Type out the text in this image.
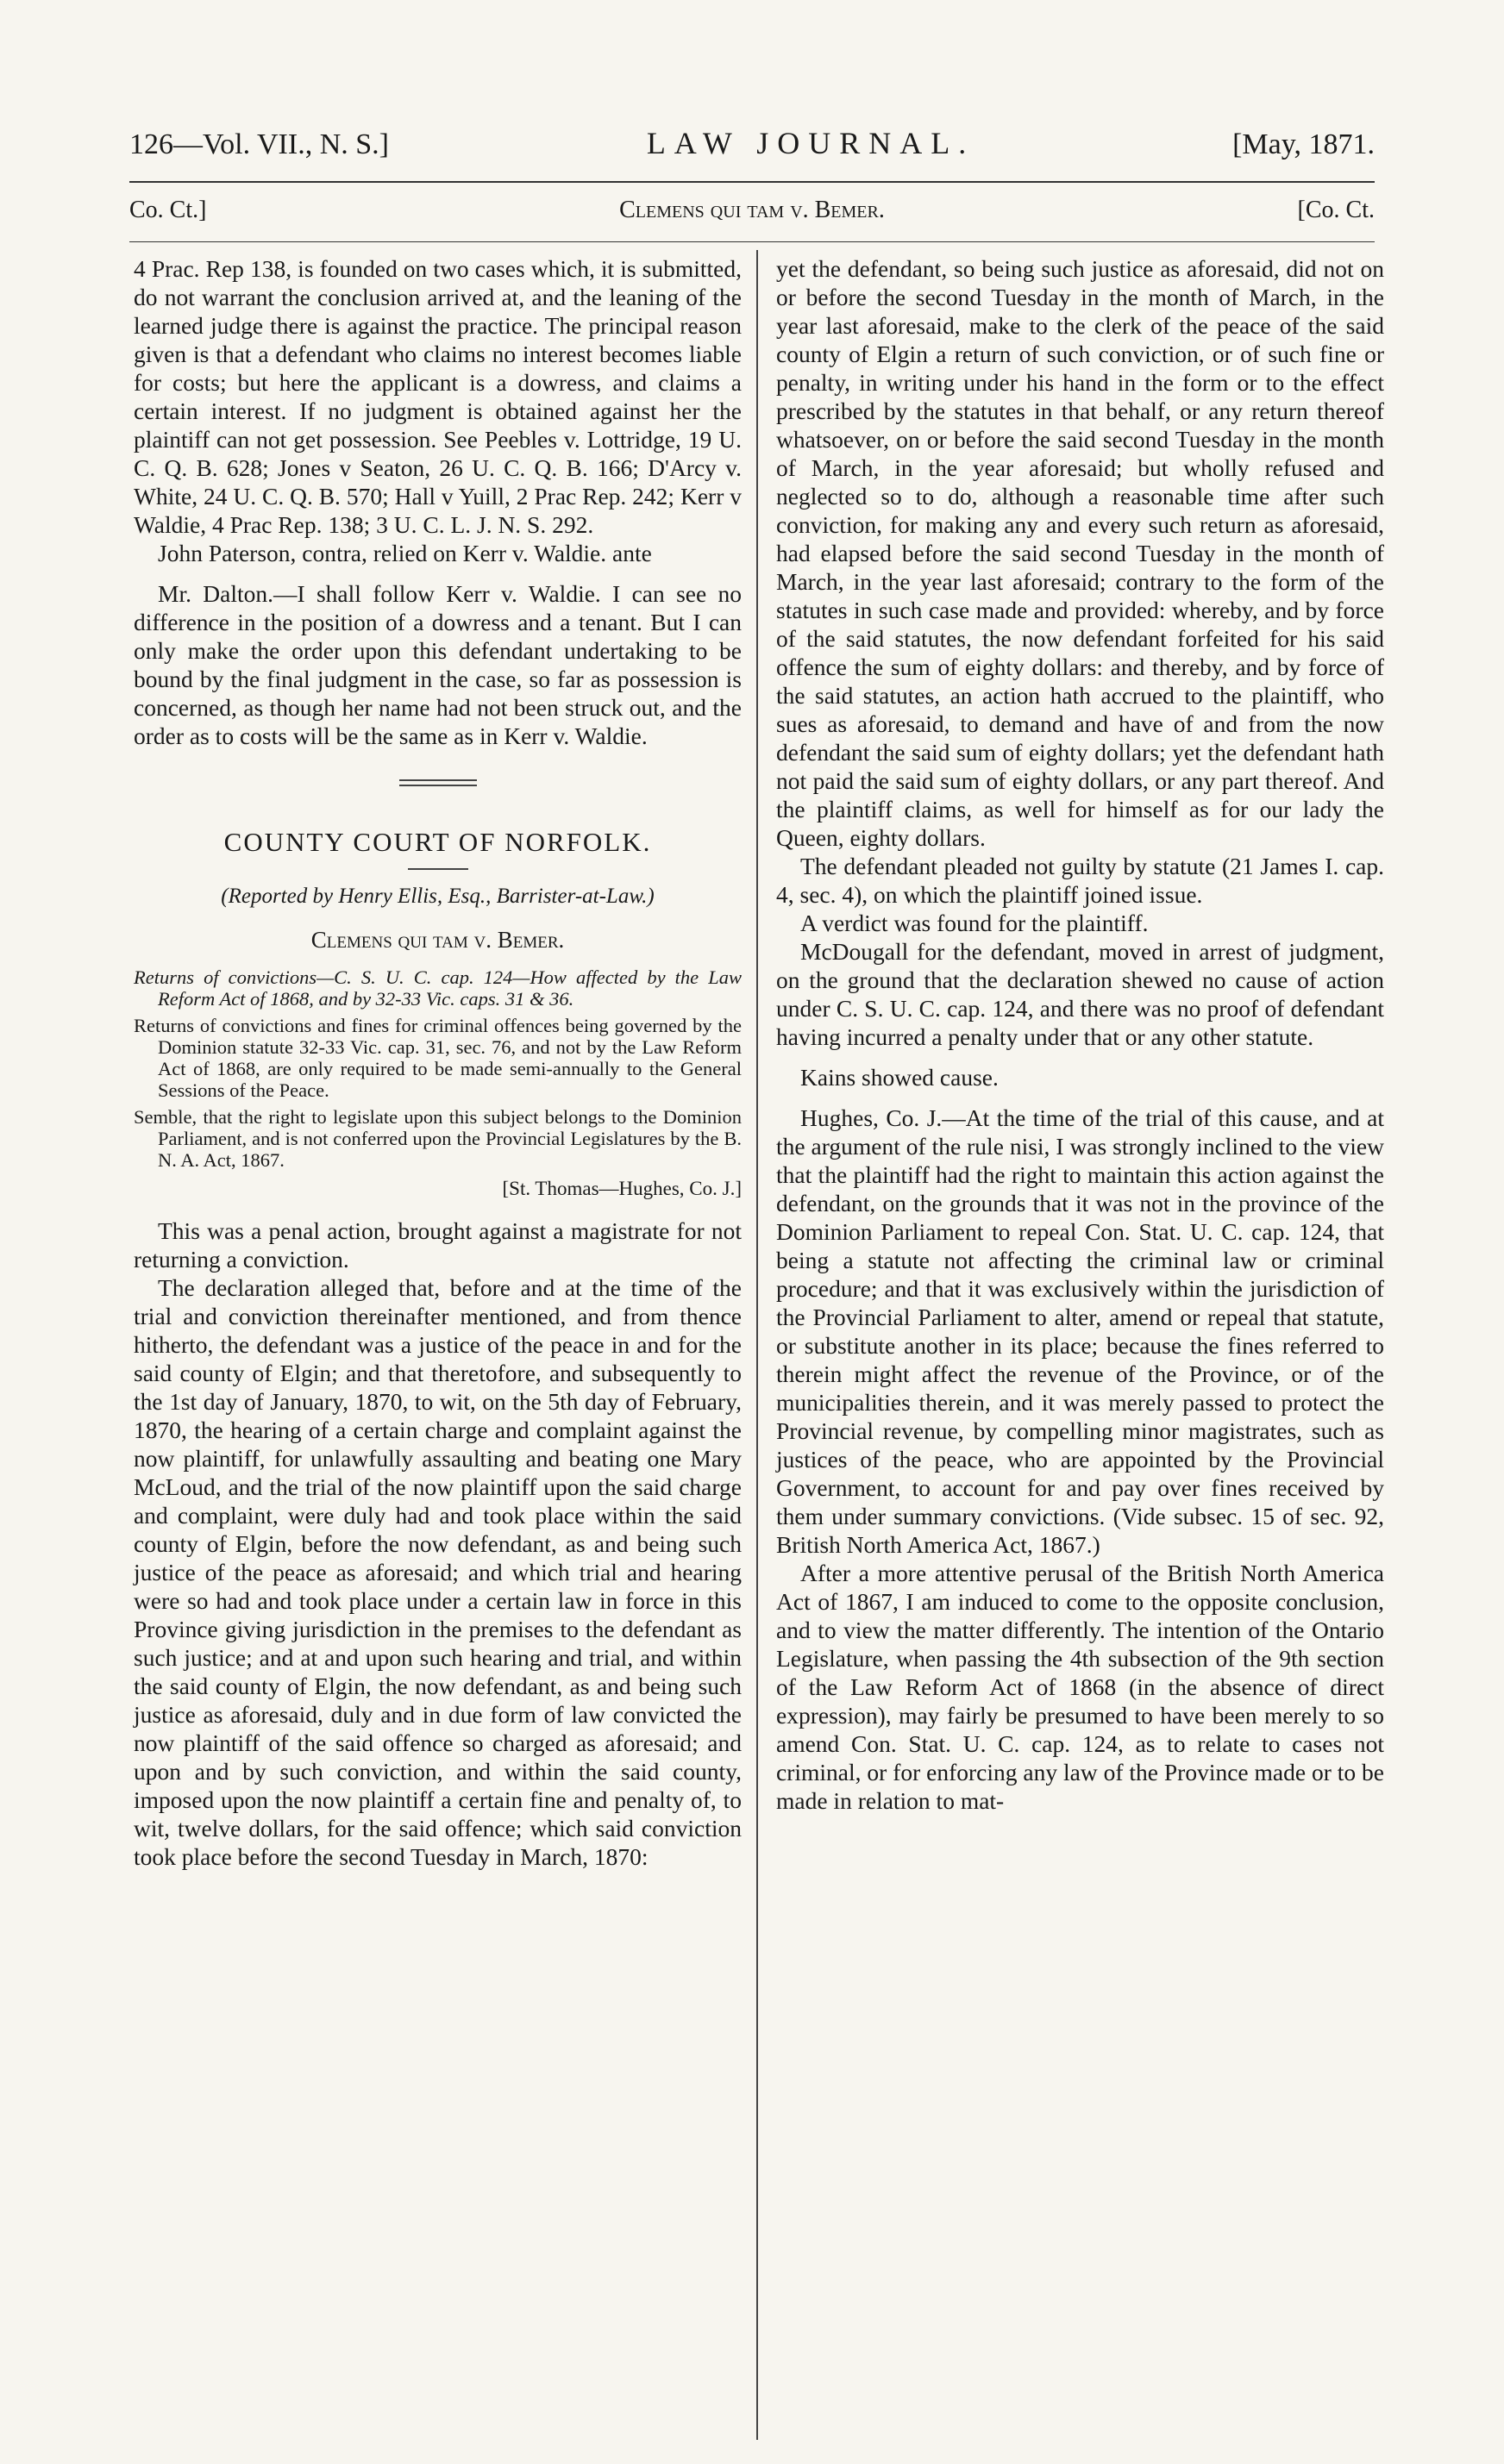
126—Vol. VII., N. S.]	LAW JOURNAL.	[May, 1871.
Co. Ct.]	Clemens qui tam v. Bemer.	[Co. Ct.

4 Prac. Rep 138, is founded on two cases which, it is submitted, do not warrant the conclusion arrived at, and the leaning of the learned judge there is against the practice. The principal reason given is that a defendant who claims no interest becomes liable for costs; but here the applicant is a dowress, and claims a certain interest. If no judgment is obtained against her the plaintiff can not get possession. See Peebles v. Lottridge, 19 U. C. Q. B. 628; Jones v Seaton, 26 U. C. Q. B. 166; D'Arcy v. White, 24 U. C. Q. B. 570; Hall v Yuill, 2 Prac Rep. 242; Kerr v Waldie, 4 Prac Rep. 138; 3 U. C. L. J. N. S. 292.

John Paterson, contra, relied on Kerr v. Waldie. ante

Mr. Dalton.—I shall follow Kerr v. Waldie. I can see no difference in the position of a dowress and a tenant. But I can only make the order upon this defendant undertaking to be bound by the final judgment in the case, so far as possession is concerned, as though her name had not been struck out, and the order as to costs will be the same as in Kerr v. Waldie.

COUNTY COURT OF NORFOLK.
(Reported by Henry Ellis, Esq., Barrister-at-Law.)
Clemens qui tam v. Bemer.

Returns of convictions—C. S. U. C. cap. 124—How affected by the Law Reform Act of 1868, and by 32-33 Vic. caps. 31 & 36.

Returns of convictions and fines for criminal offences being governed by the Dominion statute 32-33 Vic. cap. 31, sec. 76, and not by the Law Reform Act of 1868, are only required to be made semi-annually to the General Sessions of the Peace.

Semble, that the right to legislate upon this subject belongs to the Dominion Parliament, and is not conferred upon the Provincial Legislatures by the B. N. A. Act, 1867.

[St. Thomas—Hughes, Co. J.]

This was a penal action, brought against a magistrate for not returning a conviction.

The declaration alleged that, before and at the time of the trial and conviction thereinafter mentioned, and from thence hitherto, the defendant was a justice of the peace in and for the said county of Elgin; and that theretofore, and subsequently to the 1st day of January, 1870, to wit, on the 5th day of February, 1870, the hearing of a certain charge and complaint against the now plaintiff, for unlawfully assaulting and beating one Mary McLoud, and the trial of the now plaintiff upon the said charge and complaint, were duly had and took place within the said county of Elgin, before the now defendant, as and being such justice of the peace as aforesaid; and which trial and hearing were so had and took place under a certain law in force in this Province giving jurisdiction in the premises to the defendant as such justice; and at and upon such hearing and trial, and within the said county of Elgin, the now defendant, as and being such justice as aforesaid, duly and in due form of law convicted the now plaintiff of the said offence so charged as aforesaid; and upon and by such conviction, and within the said county, imposed upon the now plaintiff a certain fine and penalty of, to wit, twelve dollars, for the said offence; which said conviction took place before the second Tuesday in March, 1870:

yet the defendant, so being such justice as aforesaid, did not on or before the second Tuesday in the month of March, in the year last aforesaid, make to the clerk of the peace of the said county of Elgin a return of such conviction, or of such fine or penalty, in writing under his hand in the form or to the effect prescribed by the statutes in that behalf, or any return thereof whatsoever, on or before the said second Tuesday in the month of March, in the year aforesaid; but wholly refused and neglected so to do, although a reasonable time after such conviction, for making any and every such return as aforesaid, had elapsed before the said second Tuesday in the month of March, in the year last aforesaid; contrary to the form of the statutes in such case made and provided: whereby, and by force of the said statutes, the now defendant forfeited for his said offence the sum of eighty dollars: and thereby, and by force of the said statutes, an action hath accrued to the plaintiff, who sues as aforesaid, to demand and have of and from the now defendant the said sum of eighty dollars; yet the defendant hath not paid the said sum of eighty dollars, or any part thereof. And the plaintiff claims, as well for himself as for our lady the Queen, eighty dollars.

The defendant pleaded not guilty by statute (21 James I. cap. 4, sec. 4), on which the plaintiff joined issue.

A verdict was found for the plaintiff.

McDougall for the defendant, moved in arrest of judgment, on the ground that the declaration shewed no cause of action under C. S. U. C. cap. 124, and there was no proof of defendant having incurred a penalty under that or any other statute.

Kains showed cause.

Hughes, Co. J.—At the time of the trial of this cause, and at the argument of the rule nisi, I was strongly inclined to the view that the plaintiff had the right to maintain this action against the defendant, on the grounds that it was not in the province of the Dominion Parliament to repeal Con. Stat. U. C. cap. 124, that being a statute not affecting the criminal law or criminal procedure; and that it was exclusively within the jurisdiction of the Provincial Parliament to alter, amend or repeal that statute, or substitute another in its place; because the fines referred to therein might affect the revenue of the Province, or of the municipalities therein, and it was merely passed to protect the Provincial revenue, by compelling minor magistrates, such as justices of the peace, who are appointed by the Provincial Government, to account for and pay over fines received by them under summary convictions. (Vide subsec. 15 of sec. 92, British North America Act, 1867.)

After a more attentive perusal of the British North America Act of 1867, I am induced to come to the opposite conclusion, and to view the matter differently. The intention of the Ontario Legislature, when passing the 4th subsection of the 9th section of the Law Reform Act of 1868 (in the absence of direct expression), may fairly be presumed to have been merely to so amend Con. Stat. U. C. cap. 124, as to relate to cases not criminal, or for enforcing any law of the Province made or to be made in relation to mat-
